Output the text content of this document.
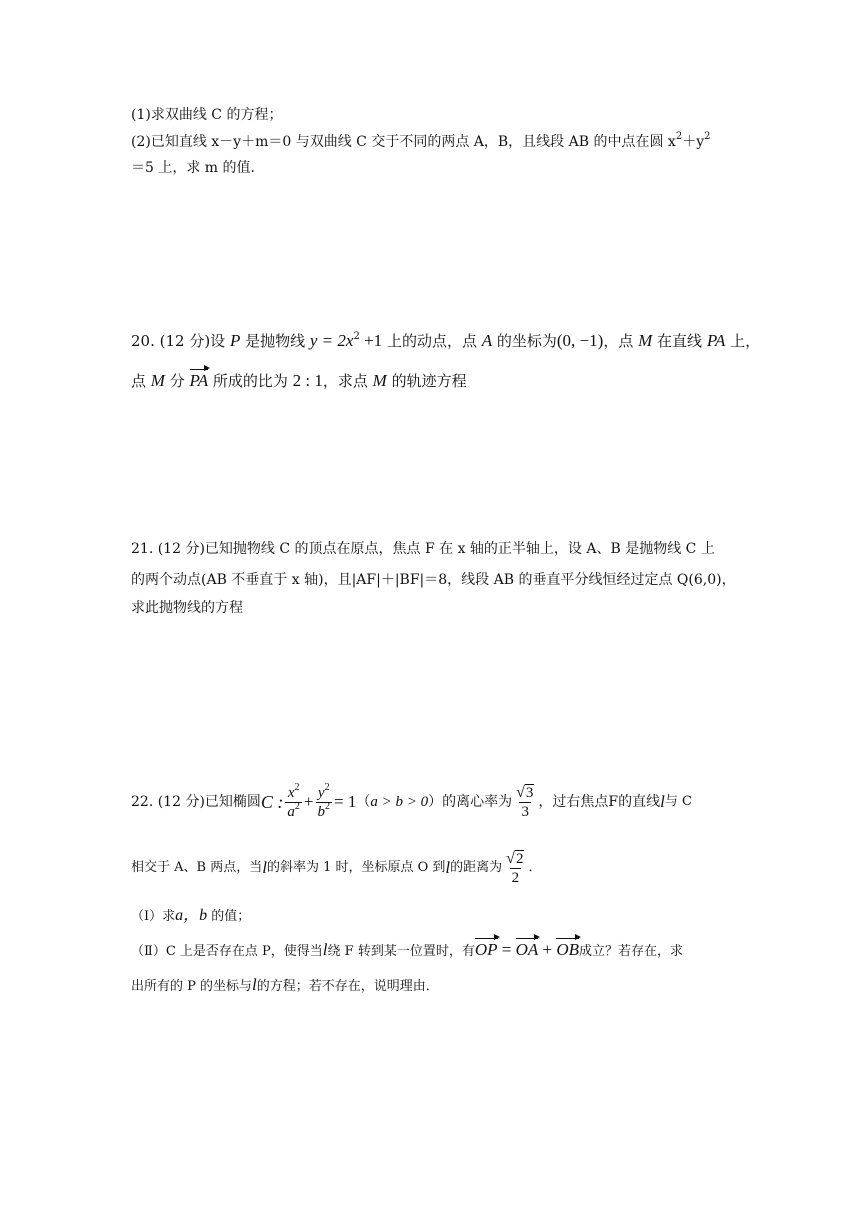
(1)求双曲线 C 的方程；
(2)已知直线 x－y＋m＝0 与双曲线 C 交于不同的两点 A，B，且线段 AB 的中点在圆 $x^2+y^2$
＝5 上，求 m 的值．
20. (12 分)设 P 是抛物线 $y = 2x^2 +1$ 上的动点，点 A 的坐标为(0, −1)，点 M 在直线 PA 上，
点 M 分 PA 所成的比为 2 : 1，求点 M 的轨迹方程
21. (12 分)已知抛物线 C 的顶点在原点，焦点 F 在 x 轴的正半轴上，设 A、B 是抛物线 C 上
的两个动点(AB 不垂直于 x 轴)，且|AF|＋|BF|＝8，线段 AB 的垂直平分线恒经过定点 Q(6,0)，
求此抛物线的方程
22. (12 分)已知椭圆 C : $\frac{x^2}{a^2} + \frac{y^2}{b^2} = 1$ （ a > b > 0 ）的离心率为 $\frac{√ 3}{3}$ ，过右焦点F的直线 l 与 C
相交于 A、B 两点，当 l 的斜率为 1 时，坐标原点 O 到 l 的距离为 $\frac{√ 2}{2}$ ．
（Ⅰ）求a，b 的值；
（Ⅱ）C 上是否存在点 P，使得当l绕 F 转到某一位置时，有OP = OA + OB成立？若存在，求
出所有的 P 的坐标与l的方程；若不存在，说明理由．
